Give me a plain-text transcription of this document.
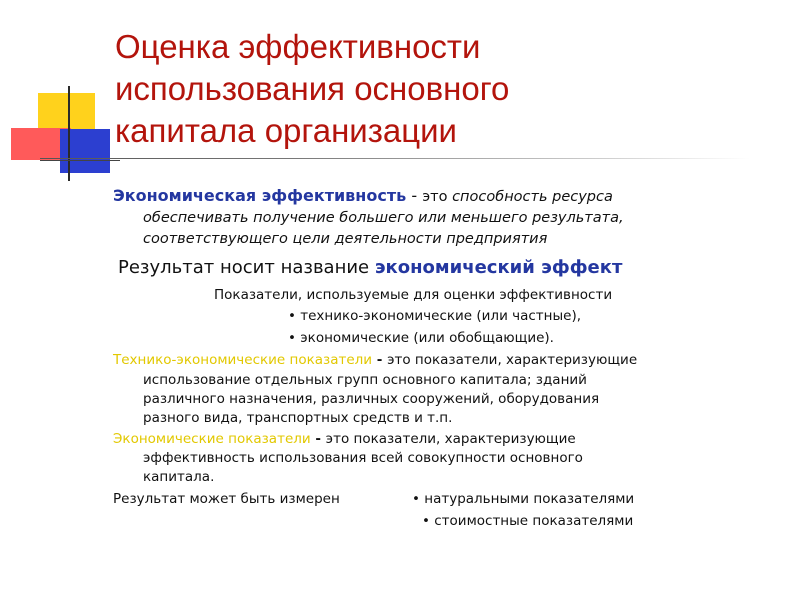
Оценка эффективности
использования основного
капитала организации
Экономическая эффективность - это способность ресурса
обеспечивать получение большего или меньшего результата,
соответствующего цели деятельности предприятия
Результат носит название экономический эффект
Показатели, используемые для оценки эффективности
• технико-экономические (или частные),
• экономические (или обобщающие).
Технико-экономические показатели - это показатели, характеризующие
использование отдельных групп основного капитала; зданий
различного назначения, различных сооружений, оборудования
разного вида, транспортных средств и т.п.
Экономические показатели - это показатели, характеризующие
эффективность использования всей совокупности основного
капитала.
Результат может быть измерен	• натуральными показателями
• стоимостные показателями
